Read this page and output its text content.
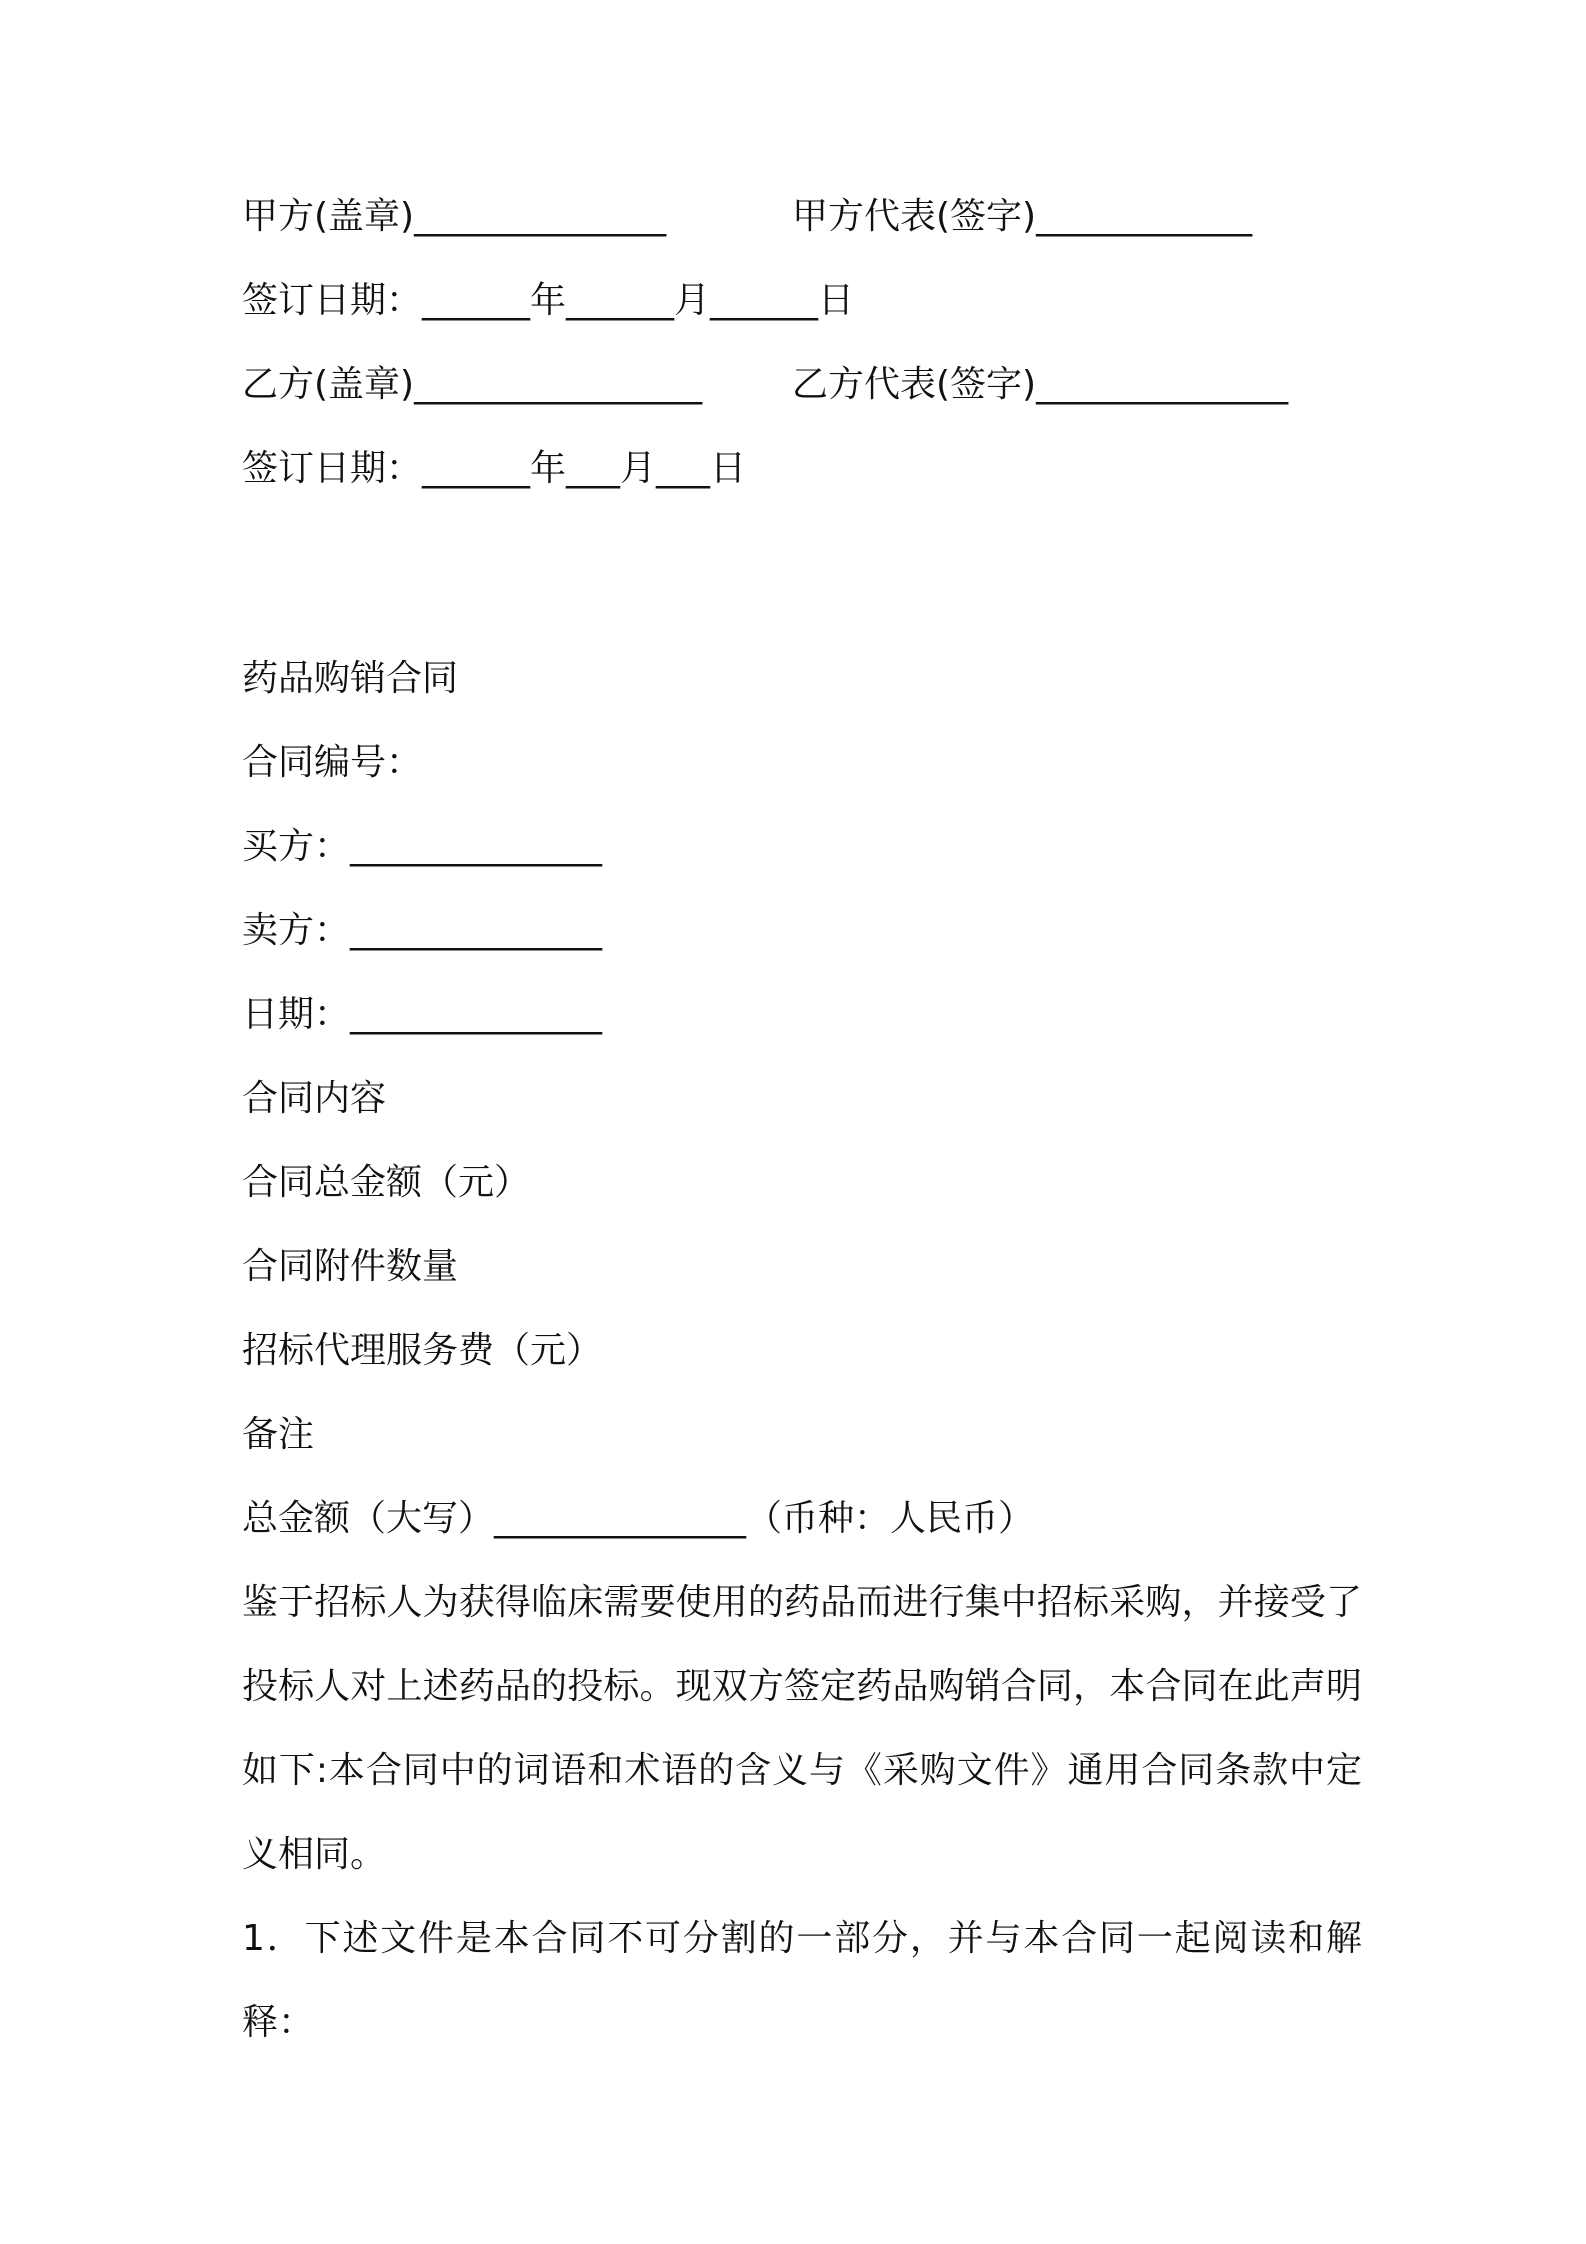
甲方(盖章)______________	甲方代表(签字)____________
签订日期：______年______月______日
乙方(盖章)________________	乙方代表(签字)______________
签订日期：______年___月___日
药品购销合同
合同编号：
买方：______________
卖方：______________
日期：______________
合同内容
合同总金额（元）
合同附件数量
招标代理服务费（元）
备注
总金额（大写）______________（币种：人民币）

鉴于招标人为获得临床需要使用的药品而进行集中招标采购，并接受了投标人对上述药品的投标。现双方签定药品购销合同，本合同在此声明如下:本合同中的词语和术语的含义与《采购文件》通用合同条款中定义相同。

1．下述文件是本合同不可分割的一部分，并与本合同一起阅读和解释：
